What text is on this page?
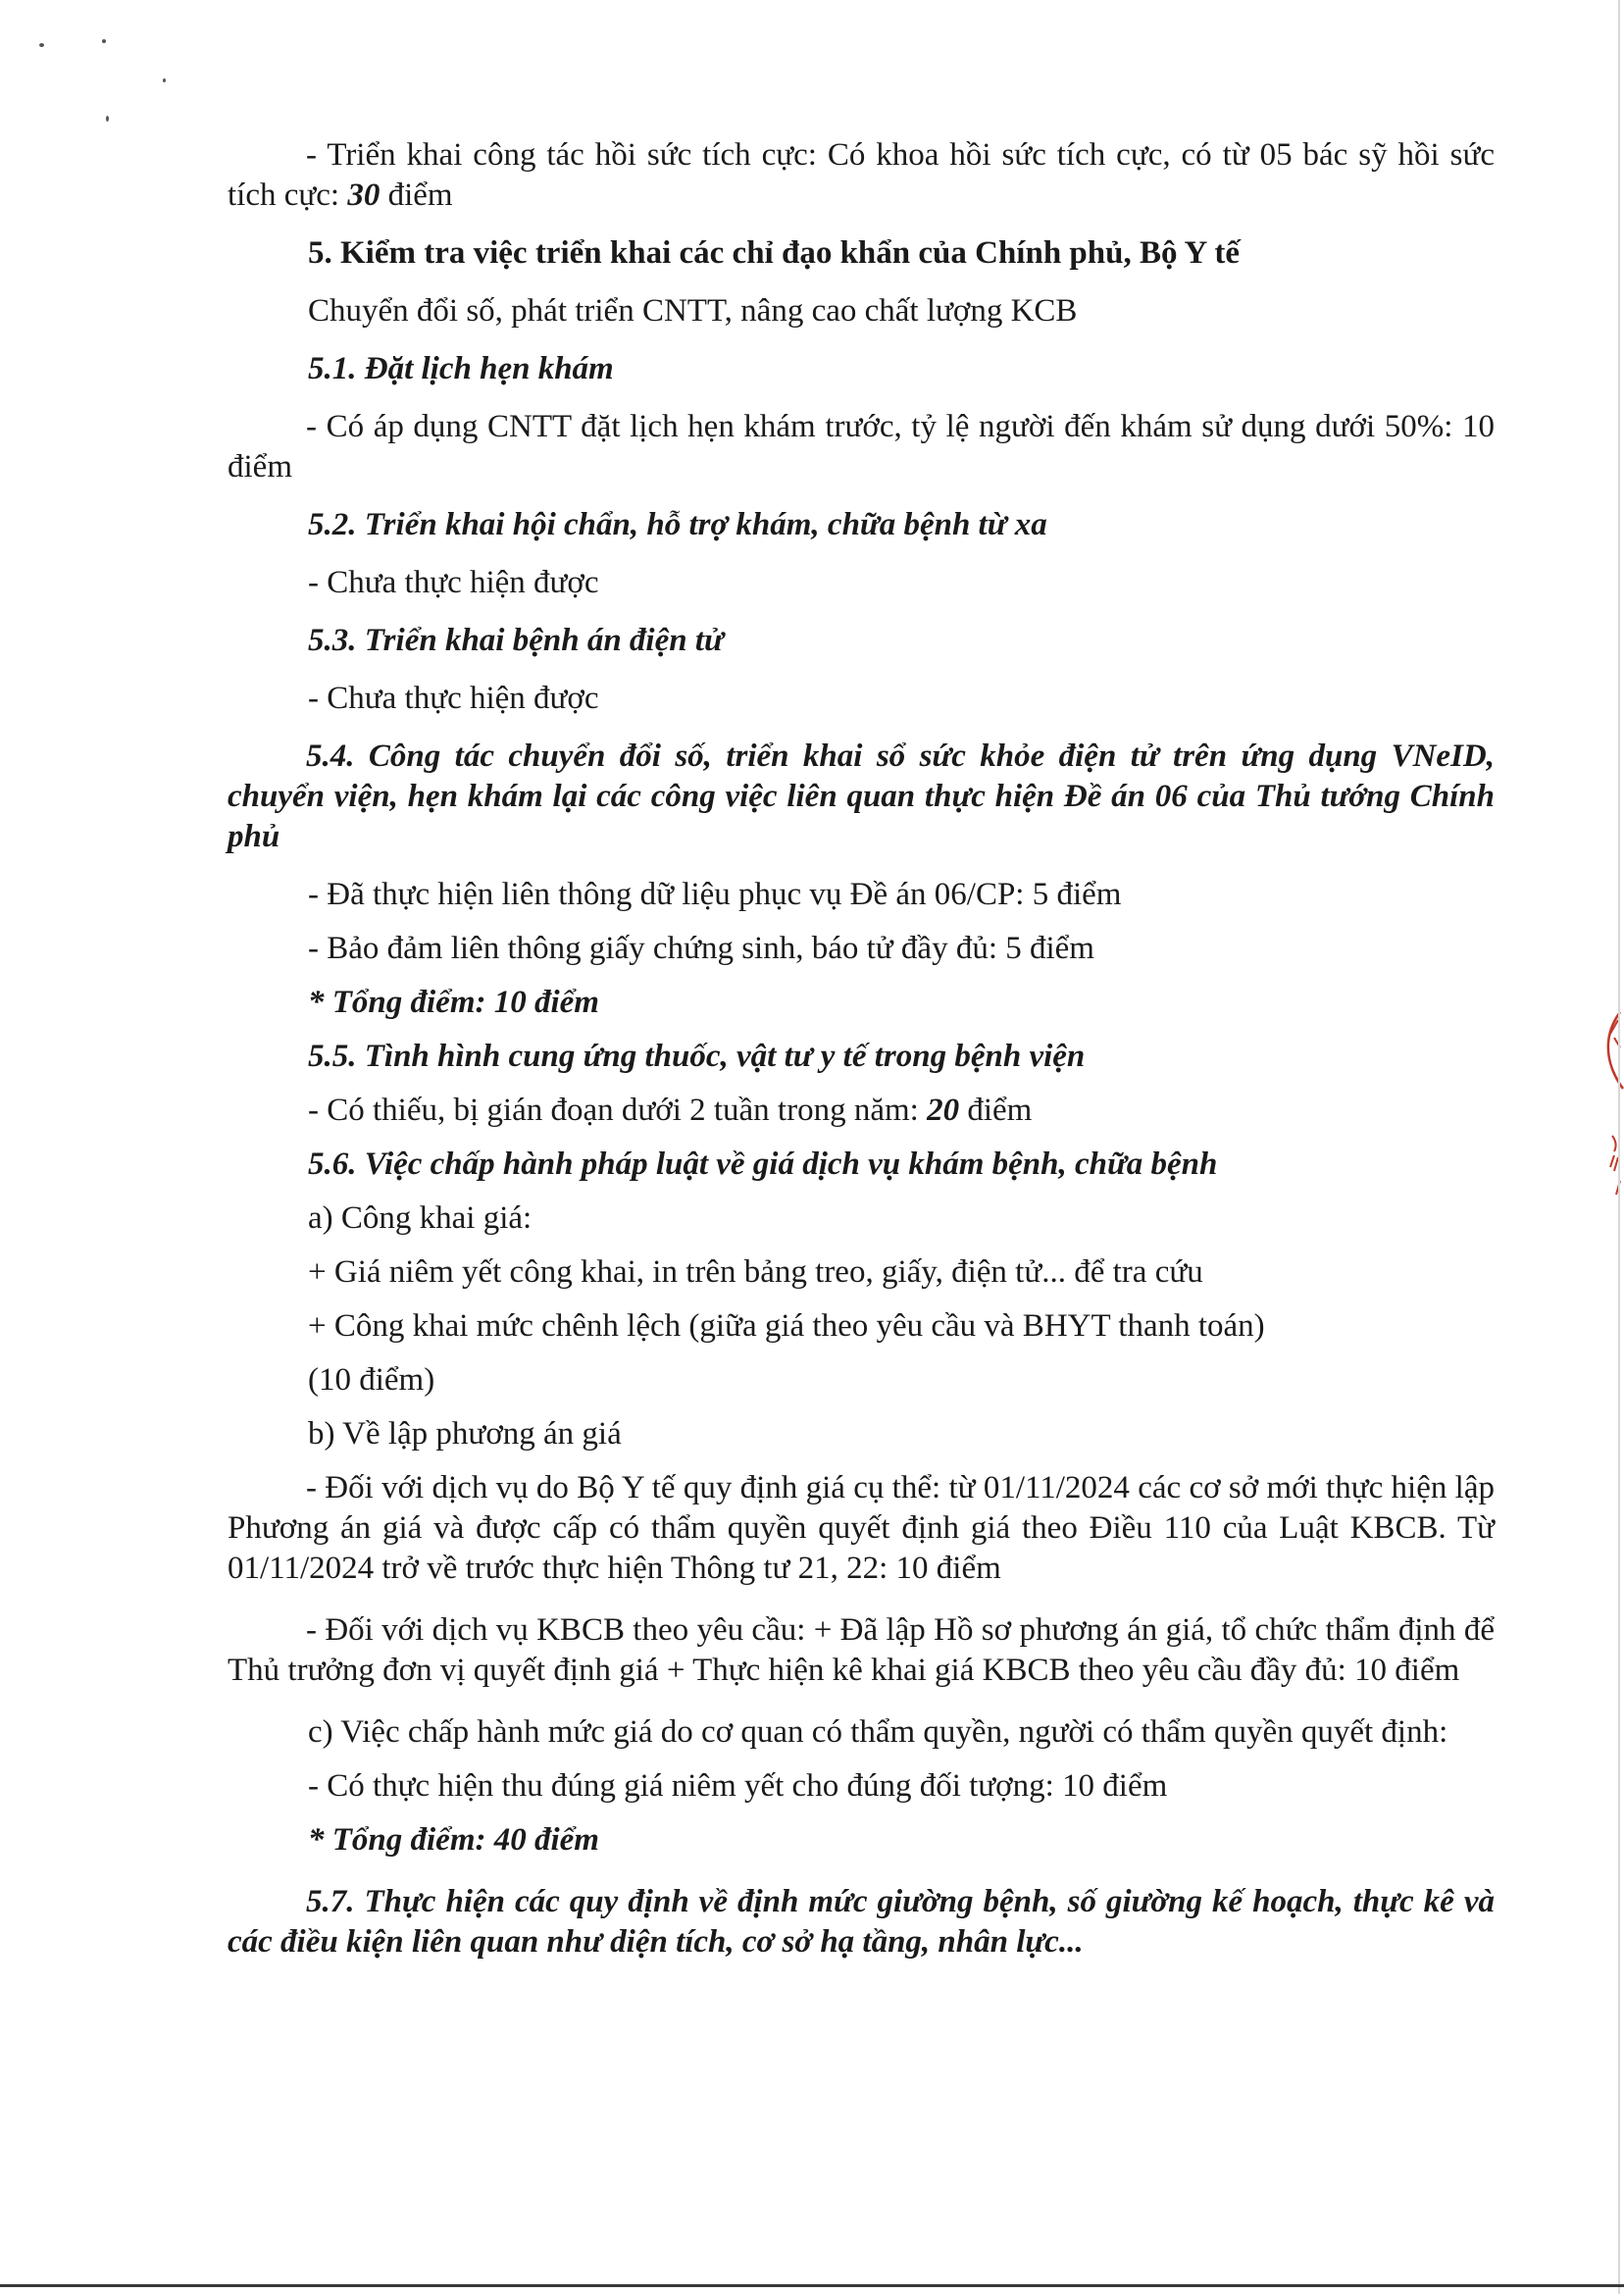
- Triển khai công tác hồi sức tích cực: Có khoa hồi sức tích cực, có từ 05 bác sỹ hồi sức tích cực: 30 điểm

5. Kiểm tra việc triển khai các chỉ đạo khẩn của Chính phủ, Bộ Y tế

Chuyển đổi số, phát triển CNTT, nâng cao chất lượng KCB

5.1. Đặt lịch hẹn khám

- Có áp dụng CNTT đặt lịch hẹn khám trước, tỷ lệ người đến khám sử dụng dưới 50%: 10 điểm

5.2. Triển khai hội chẩn, hỗ trợ khám, chữa bệnh từ xa

- Chưa thực hiện được

5.3. Triển khai bệnh án điện tử

- Chưa thực hiện được

5.4. Công tác chuyển đổi số, triển khai sổ sức khỏe điện tử trên ứng dụng VNeID, chuyển viện, hẹn khám lại các công việc liên quan thực hiện Đề án 06 của Thủ tướng Chính phủ

- Đã thực hiện liên thông dữ liệu phục vụ Đề án 06/CP: 5 điểm

- Bảo đảm liên thông giấy chứng sinh, báo tử đầy đủ: 5 điểm

* Tổng điểm: 10 điểm

5.5. Tình hình cung ứng thuốc, vật tư y tế trong bệnh viện

- Có thiếu, bị gián đoạn dưới 2 tuần trong năm: 20 điểm

5.6. Việc chấp hành pháp luật về giá dịch vụ khám bệnh, chữa bệnh

a) Công khai giá:

+ Giá niêm yết công khai, in trên bảng treo, giấy, điện tử... để tra cứu

+ Công khai mức chênh lệch (giữa giá theo yêu cầu và BHYT thanh toán)

(10 điểm)

b) Về lập phương án giá

- Đối với dịch vụ do Bộ Y tế quy định giá cụ thể: từ 01/11/2024 các cơ sở mới thực hiện lập Phương án giá và được cấp có thẩm quyền quyết định giá theo Điều 110 của Luật KBCB. Từ 01/11/2024 trở về trước thực hiện Thông tư 21, 22: 10 điểm

- Đối với dịch vụ KBCB theo yêu cầu: + Đã lập Hồ sơ phương án giá, tổ chức thẩm định để Thủ trưởng đơn vị quyết định giá + Thực hiện kê khai giá KBCB theo yêu cầu đầy đủ: 10 điểm

c) Việc chấp hành mức giá do cơ quan có thẩm quyền, người có thẩm quyền quyết định:

- Có thực hiện thu đúng giá niêm yết cho đúng đối tượng: 10 điểm

* Tổng điểm: 40 điểm

5.7. Thực hiện các quy định về định mức giường bệnh, số giường kế hoạch, thực kê và các điều kiện liên quan như diện tích, cơ sở hạ tầng, nhân lực...
